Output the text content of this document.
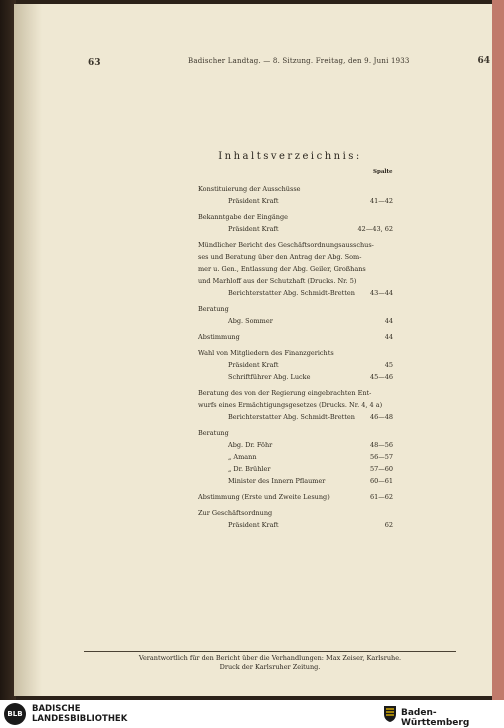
63	Badischer Landtag. — 8. Sitzung. Freitag, den 9. Juni 1933	64
Inhaltsverzeichnis:
Spalte
Konstituierung der Ausschüsse
Präsident Kraft	41—42
Bekanntgabe der Eingänge
Präsident Kraft	42—43, 62
Mündlicher Bericht des Geschäftsordnungsausschus-
ses und Beratung über den Antrag der Abg. Som-
mer u. Gen., Entlassung der Abg. Geiler, Großhans
und Marhloff aus der Schutzhaft (Drucks. Nr. 5)
Berichterstatter Abg. Schmidt-Bretten 43—44
Beratung
Abg. Sommer	44
Abstimmung	44
Wahl von Mitgliedern des Finanzgerichts
Präsident Kraft	45
Schriftführer Abg. Lucke	45—46
Beratung des von der Regierung eingebrachten Ent-
wurfs eines Ermächtigungsgesetzes (Drucks. Nr. 4, 4 a)
Berichterstatter Abg. Schmidt-Bretten 46—48
Beratung
Abg. Dr. Föhr	48—56
„ Amann	56—57
„ Dr. Brühler	57—60
Minister des Innern Pflaumer	60—61
Abstimmung (Erste und Zweite Lesung)	61—62
Zur Geschäftsordnung
Präsident Kraft	62
Verantwortlich für den Bericht über die Verhandlungen: Max Zeiser, Karlsruhe.
Druck der Karlsruher Zeitung.
BLB	BADISCHE
LANDESBIBLIOTHEK
Baden-Württemberg
